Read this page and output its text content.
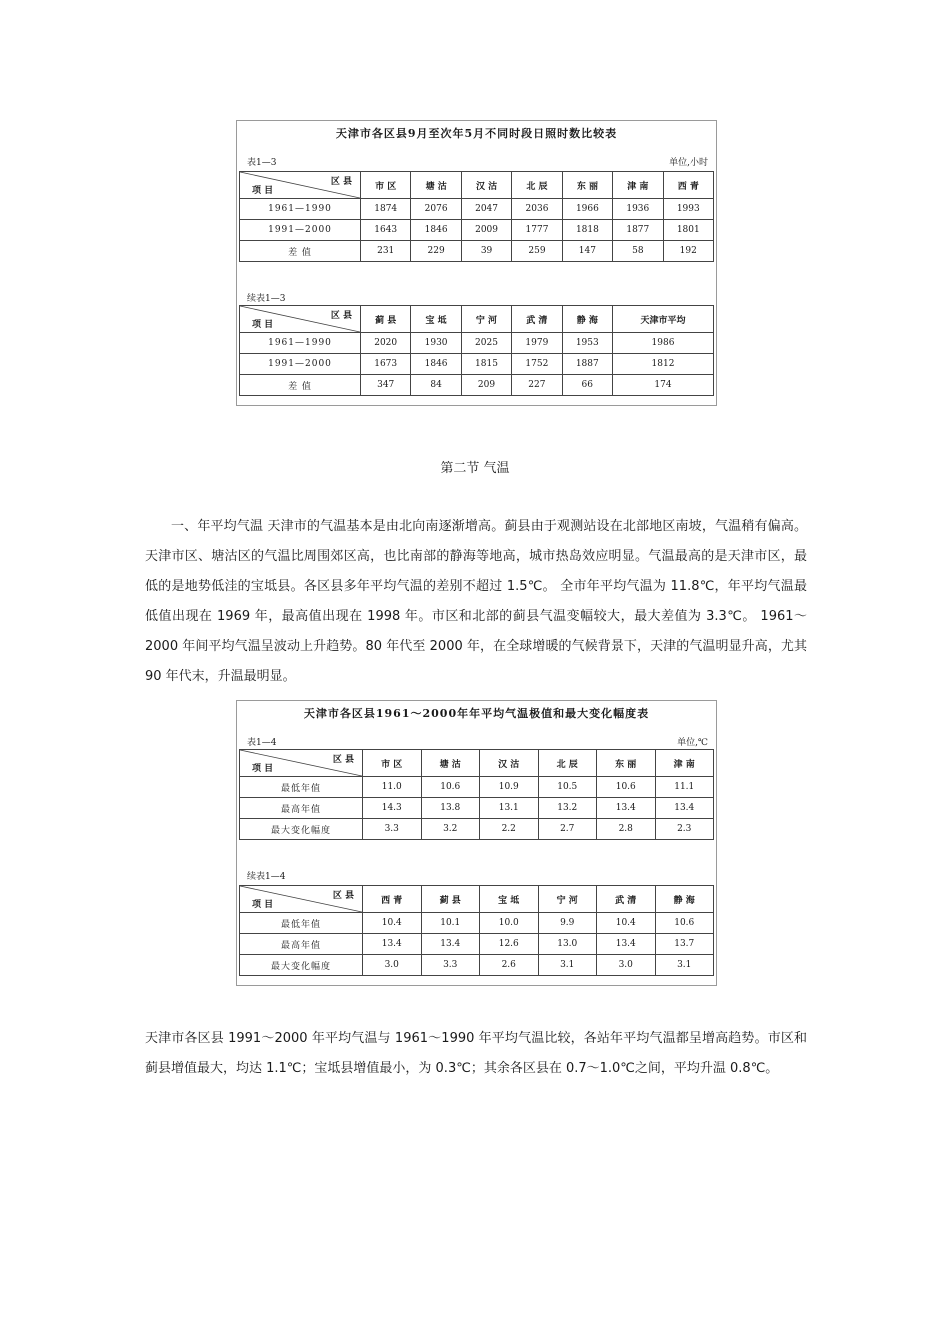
天津市各区县9月至次年5月不同时段日照时数比较表
表1—3	单位,小时
区 县
项 目	市 区	塘 沽	汉 沽	北 辰	东 丽	津 南	西 青
1961—1990	1874	2076	2047	2036	1966	1936	1993
1991—2000	1643	1846	2009	1777	1818	1877	1801
差 值	231	229	39	259	147	58	192
续表1—3
区 县
项 目	蓟 县	宝 坻	宁 河	武 清	静 海	天津市平均
1961—1990	2020	1930	2025	1979	1953	1986
1991—2000	1673	1846	1815	1752	1887	1812
差 值	347	84	209	227	66	174
第二节 气温
一、年平均气温 天津市的气温基本是由北向南逐渐增高。蓟县由于观测站设在北部地区南坡，气温稍有偏高。天津市区、塘沽区的气温比周围郊区高，也比南部的静海等地高，城市热岛效应明显。气温最高的是天津市区，最低的是地势低洼的宝坻县。各区县多年平均气温的差别不超过 1.5℃。 全市年平均气温为 11.8℃，年平均气温最低值出现在 1969 年，最高值出现在 1998 年。市区和北部的蓟县气温变幅较大，最大差值为 3.3℃。 1961～2000 年间平均气温呈波动上升趋势。80 年代至 2000 年，在全球增暖的气候背景下，天津的气温明显升高，尤其 90 年代末，升温最明显。
天津市各区县1961～2000年年平均气温极值和最大变化幅度表
表1—4	单位,℃
区 县
项 目	市 区	塘 沽	汉 沽	北 辰	东 丽	津 南
最低年值	11.0	10.6	10.9	10.5	10.6	11.1
最高年值	14.3	13.8	13.1	13.2	13.4	13.4
最大变化幅度	3.3	3.2	2.2	2.7	2.8	2.3
续表1—4
区 县
项 目	西 青	蓟 县	宝 坻	宁 河	武 清	静 海
最低年值	10.4	10.1	10.0	9.9	10.4	10.6
最高年值	13.4	13.4	12.6	13.0	13.4	13.7
最大变化幅度	3.0	3.3	2.6	3.1	3.0	3.1
天津市各区县 1991～2000 年平均气温与 1961～1990 年平均气温比较，各站年平均气温都呈增高趋势。市区和蓟县增值最大，均达 1.1℃；宝坻县增值最小，为 0.3℃；其余各区县在 0.7～1.0℃之间，平均升温 0.8℃。
